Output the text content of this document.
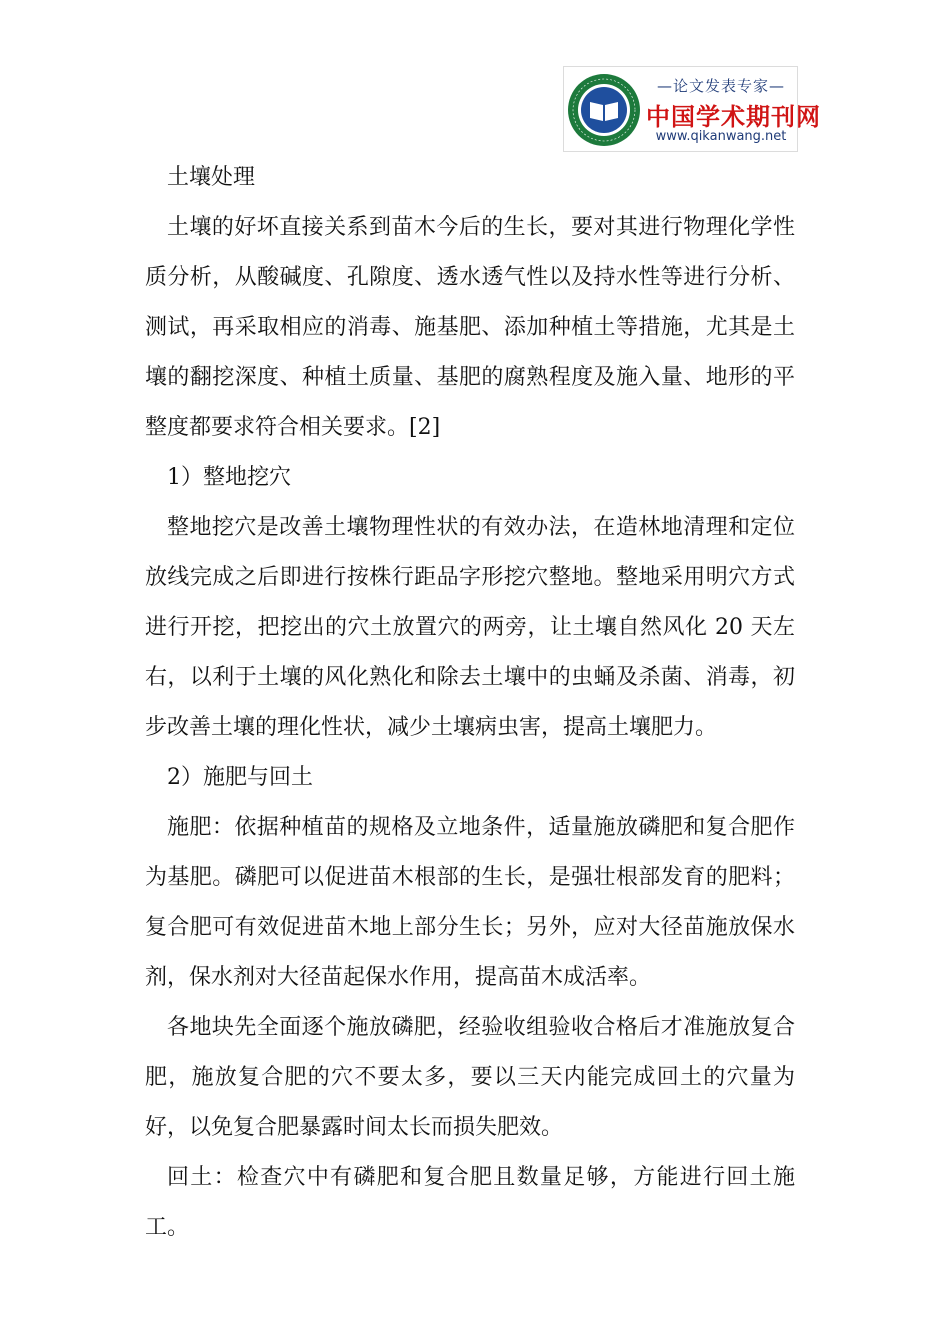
—论文发表专家—
中国学术期刊网
www.qikanwang.net

土壤处理

土壤的好坏直接关系到苗木今后的生长，要对其进行物理化学性质分析，从酸碱度、孔隙度、透水透气性以及持水性等进行分析、测试，再采取相应的消毒、施基肥、添加种植土等措施，尤其是土壤的翻挖深度、种植土质量、基肥的腐熟程度及施入量、地形的平整度都要求符合相关要求。[2]

1）整地挖穴

整地挖穴是改善土壤物理性状的有效办法，在造林地清理和定位放线完成之后即进行按株行距品字形挖穴整地。整地采用明穴方式进行开挖，把挖出的穴土放置穴的两旁，让土壤自然风化 20 天左右，以利于土壤的风化熟化和除去土壤中的虫蛹及杀菌、消毒，初步改善土壤的理化性状，减少土壤病虫害，提高土壤肥力。

2）施肥与回土

施肥：依据种植苗的规格及立地条件，适量施放磷肥和复合肥作为基肥。磷肥可以促进苗木根部的生长，是强壮根部发育的肥料；复合肥可有效促进苗木地上部分生长；另外，应对大径苗施放保水剂，保水剂对大径苗起保水作用，提高苗木成活率。

各地块先全面逐个施放磷肥，经验收组验收合格后才准施放复合肥，施放复合肥的穴不要太多，要以三天内能完成回土的穴量为好，以免复合肥暴露时间太长而损失肥效。

回土：检查穴中有磷肥和复合肥且数量足够，方能进行回土施工。
